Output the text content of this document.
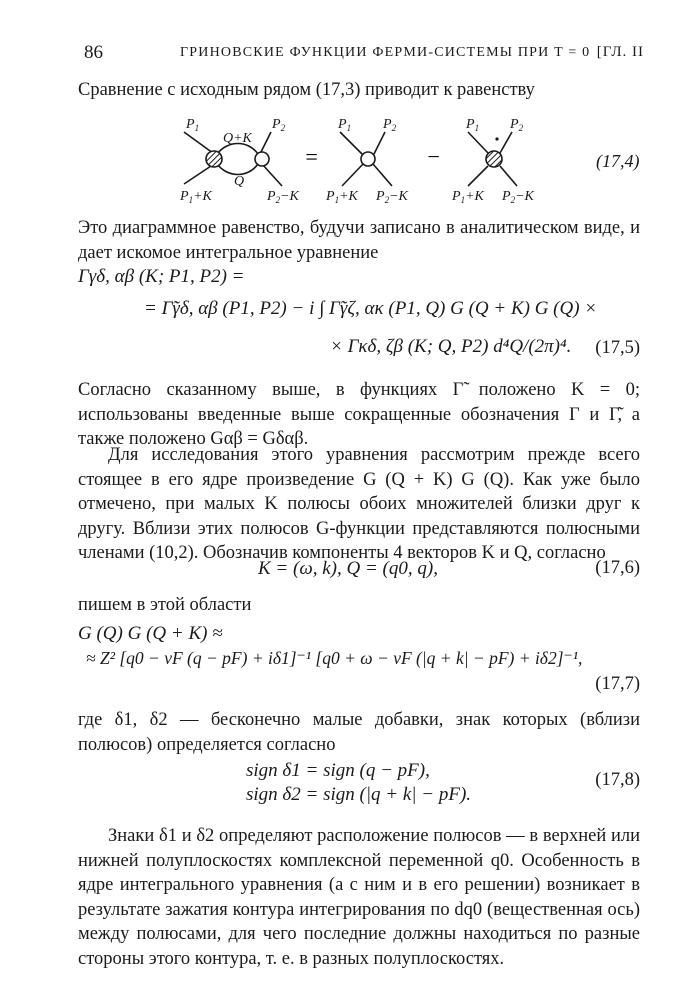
86	ГРИНОВСКИЕ ФУНКЦИИ ФЕРМИ-СИСТЕМЫ ПРИ T = 0 [ГЛ. II
Сравнение с исходным рядом (17,3) приводит к равенству
$P_1$	$P_2$
Q+K
Q
$P_1+K$	$P_2-K$
=
$P_1$ $P_2$
$P_1+K$ $P_2-K$
−
$P_1$ $P_2$
$P_1+K$ $P_2-K$
(17,4)
Это диаграммное равенство, будучи записано в аналитическом виде, и дает искомое интегральное уравнение
Γγδ, αβ (K; P1, P2) =
= Γ̃γδ, αβ (P1, P2) − i ∫ Γ̃γζ, ακ (P1, Q) G (Q + K) G (Q) ×
× Γκδ, ζβ (K; Q, P2) d⁴Q/(2π)⁴. (17,5)
Согласно сказанному выше, в функциях Γ̃ положено K = 0; использованы введенные выше сокращенные обозначения Γ и Γ̃, а также положено Gαβ = Gδαβ.
Для исследования этого уравнения рассмотрим прежде всего стоящее в его ядре произведение G (Q + K) G (Q). Как уже было отмечено, при малых K полюсы обоих множителей близки друг к другу. Вблизи этих полюсов G-функции представляются полюсными членами (10,2). Обозначив компоненты 4 векторов K и Q, согласно
K = (ω, k), Q = (q0, q),	(17,6)
пишем в этой области
G (Q) G (Q + K) ≈
≈ Z² [q0 − vF (q − pF) + iδ1]⁻¹ [q0 + ω − vF (|q + k| − pF) + iδ2]⁻¹,
(17,7)
где δ1, δ2 — бесконечно малые добавки, знак которых (вблизи полюсов) определяется согласно
sign δ1 = sign (q − pF),
sign δ2 = sign (|q + k| − pF).
(17,8)
Знаки δ1 и δ2 определяют расположение полюсов — в верхней или нижней полуплоскостях комплексной переменной q0. Особенность в ядре интегрального уравнения (а с ним и в его решении) возникает в результате зажатия контура интегрирования по dq0 (вещественная ось) между полюсами, для чего последние должны находиться по разные стороны этого контура, т. е. в разных полуплоскостях.
